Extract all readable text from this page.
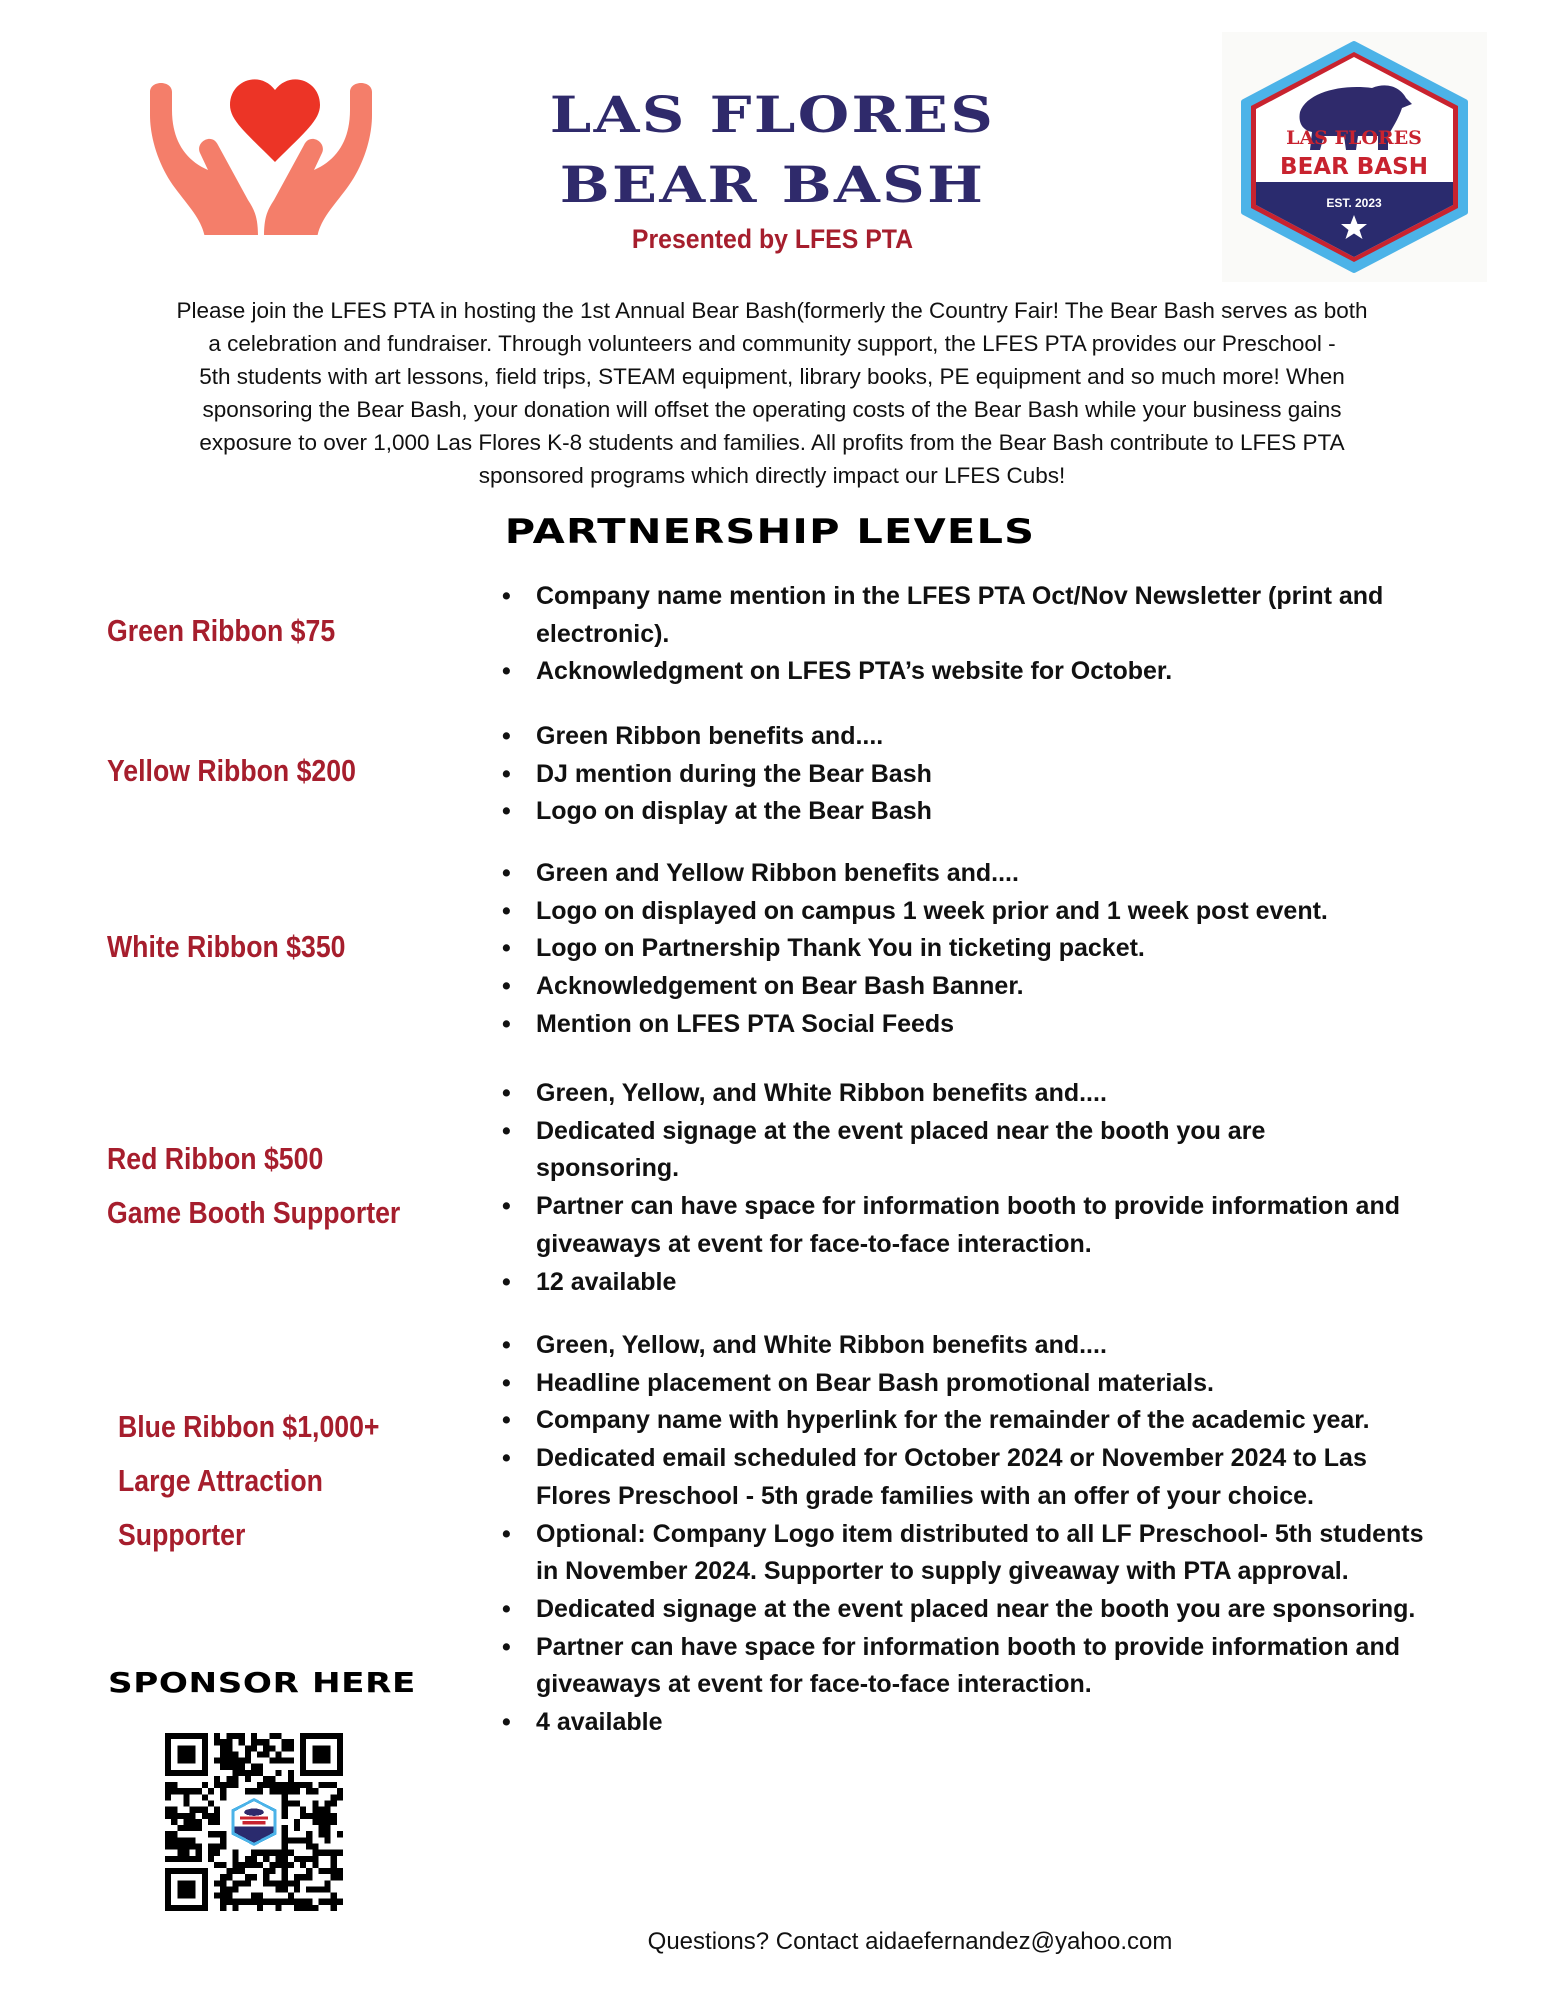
LAS FLORES
BEAR BASH
Presented by LFES PTA
LAS FLORES
BEAR BASH
EST. 2023
Please join the LFES PTA in hosting the 1st Annual Bear Bash(formerly the Country Fair! The Bear Bash serves as both
a celebration and fundraiser. Through volunteers and community support, the LFES PTA provides our Preschool -
5th students with art lessons, field trips, STEAM equipment, library books, PE equipment and so much more! When
sponsoring the Bear Bash, your donation will offset the operating costs of the Bear Bash while your business gains
exposure to over 1,000 Las Flores K-8 students and families. All profits from the Bear Bash contribute to LFES PTA
sponsored programs which directly impact our LFES Cubs!
PARTNERSHIP LEVELS
Green Ribbon $75
• Company name mention in the LFES PTA Oct/Nov Newsletter (print and electronic).
• Acknowledgment on LFES PTA’s website for October.
Yellow Ribbon $200
• Green Ribbon benefits and....
• DJ mention during the Bear Bash
• Logo on display at the Bear Bash
White Ribbon $350
• Green and Yellow Ribbon benefits and....
• Logo on displayed on campus 1 week prior and 1 week post event.
• Logo on Partnership Thank You in ticketing packet.
• Acknowledgement on Bear Bash Banner.
• Mention on LFES PTA Social Feeds
Red Ribbon $500
Game Booth Supporter
• Green, Yellow, and White Ribbon benefits and....
• Dedicated signage at the event placed near the booth you are sponsoring.
• Partner can have space for information booth to provide information and giveaways at event for face-to-face interaction.
• 12 available
Blue Ribbon $1,000+
Large Attraction
Supporter
• Green, Yellow, and White Ribbon benefits and....
• Headline placement on Bear Bash promotional materials.
• Company name with hyperlink for the remainder of the academic year.
• Dedicated email scheduled for October 2024 or November 2024 to Las Flores Preschool - 5th grade families with an offer of your choice.
• Optional: Company Logo item distributed to all LF Preschool- 5th students in November 2024. Supporter to supply giveaway with PTA approval.
• Dedicated signage at the event placed near the booth you are sponsoring.
• Partner can have space for information booth to provide information and giveaways at event for face-to-face interaction.
• 4 available
SPONSOR HERE
Questions? Contact aidaefernandez@yahoo.com
